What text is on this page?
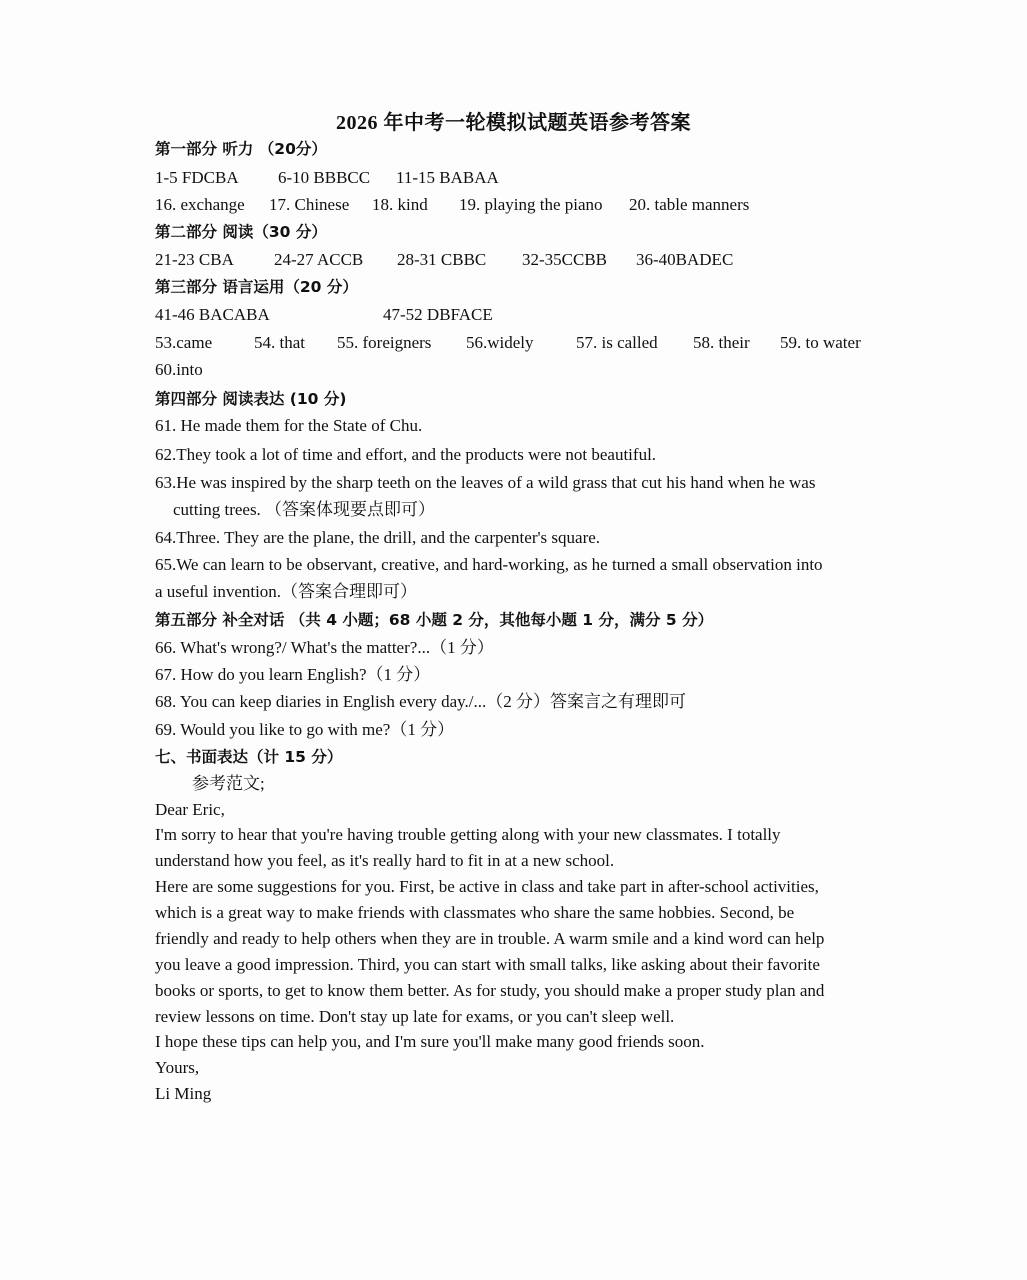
2026 年中考一轮模拟试题英语参考答案
第一部分 听力 （20分）
1-5 FDCBA 6-10 BBBCC 11-15 BABAA
16. exchange 17. Chinese 18. kind 19. playing the piano 20. table manners
第二部分 阅读（30 分）
21-23 CBA 24-27 ACCB 28-31 CBBC 32-35CCBB 36-40BADEC
第三部分 语言运用（20 分）
41-46 BACABA	47-52 DBFACE
53.came 54. that 55. foreigners 56.widely 57. is called 58. their 59. to water
60.into
第四部分 阅读表达 (10 分)
61. He made them for the State of Chu.
62.They took a lot of time and effort, and the products were not beautiful.
63.He was inspired by the sharp teeth on the leaves of a wild grass that cut his hand when he was
cutting trees. （答案体现要点即可）
64.Three. They are the plane, the drill, and the carpenter's square.
65.We can learn to be observant, creative, and hard-working, as he turned a small observation into
a useful invention.（答案合理即可）
第五部分 补全对话 （共 4 小题；68 小题 2 分，其他每小题 1 分，满分 5 分）
66. What's wrong?/ What's the matter?...（1 分）
67. How do you learn English?（1 分）
68. You can keep diaries in English every day./...（2 分）答案言之有理即可
69. Would you like to go with me?（1 分）
七、书面表达（计 15 分）
参考范文;
Dear Eric,
I'm sorry to hear that you're having trouble getting along with your new classmates. I totally
understand how you feel, as it's really hard to fit in at a new school.
Here are some suggestions for you. First, be active in class and take part in after-school activities,
which is a great way to make friends with classmates who share the same hobbies. Second, be
friendly and ready to help others when they are in trouble. A warm smile and a kind word can help
you leave a good impression. Third, you can start with small talks, like asking about their favorite
books or sports, to get to know them better. As for study, you should make a proper study plan and
review lessons on time. Don't stay up late for exams, or you can't sleep well.
I hope these tips can help you, and I'm sure you'll make many good friends soon.
Yours,
Li Ming
